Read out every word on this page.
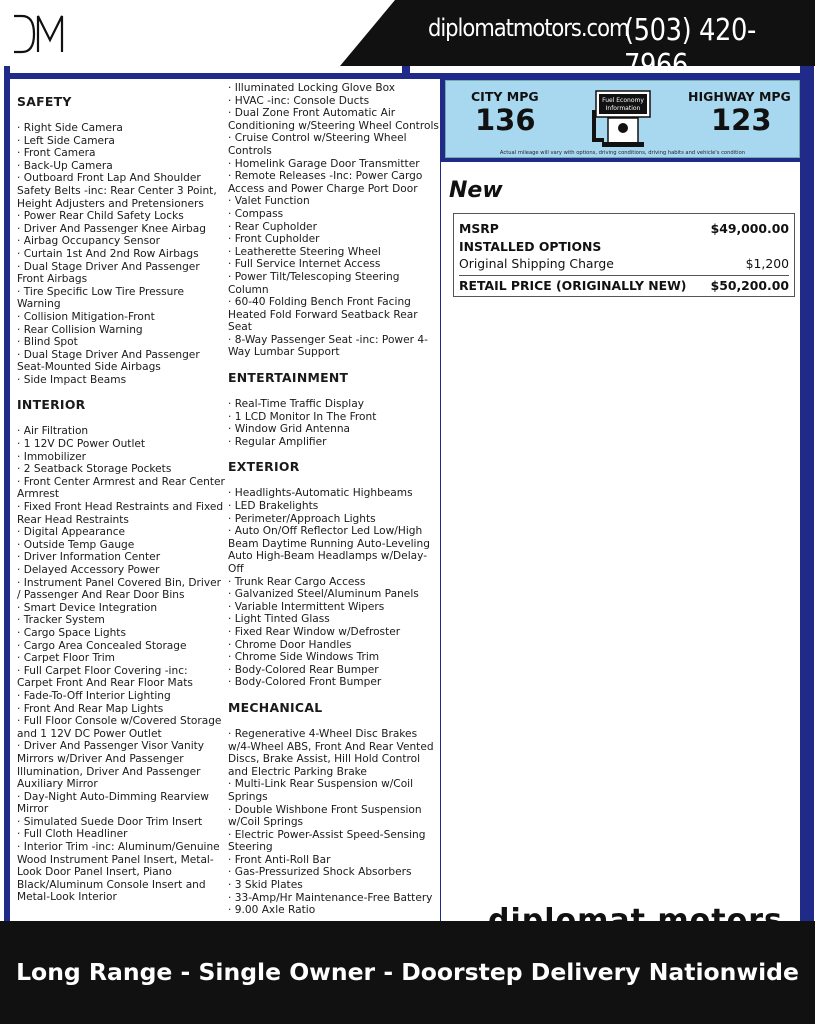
diplomatmotors.com
(503) 420-
SAFETY
· Right Side Camera
· Left Side Camera
· Front Camera
· Back-Up Camera
· Outboard Front Lap And Shoulder Safety Belts -inc: Rear Center 3 Point, Height Adjusters and Pretensioners
· Power Rear Child Safety Locks
· Driver And Passenger Knee Airbag
· Airbag Occupancy Sensor
· Curtain 1st And 2nd Row Airbags
· Dual Stage Driver And Passenger Front Airbags
· Tire Specific Low Tire Pressure Warning
· Collision Mitigation-Front
· Rear Collision Warning
· Blind Spot
· Dual Stage Driver And Passenger Seat-Mounted Side Airbags
· Side Impact Beams
INTERIOR
· Air Filtration
· 1 12V DC Power Outlet
· Immobilizer
· 2 Seatback Storage Pockets
· Front Center Armrest and Rear Center Armrest
· Fixed Front Head Restraints and Fixed Rear Head Restraints
· Digital Appearance
· Outside Temp Gauge
· Driver Information Center
· Delayed Accessory Power
· Instrument Panel Covered Bin, Driver / Passenger And Rear Door Bins
· Smart Device Integration
· Tracker System
· Cargo Space Lights
· Cargo Area Concealed Storage
· Carpet Floor Trim
· Full Carpet Floor Covering -inc: Carpet Front And Rear Floor Mats
· Fade-To-Off Interior Lighting
· Front And Rear Map Lights
· Full Floor Console w/Covered Storage and 1 12V DC Power Outlet
· Driver And Passenger Visor Vanity Mirrors w/Driver And Passenger Illumination, Driver And Passenger Auxiliary Mirror
· Day-Night Auto-Dimming Rearview Mirror
· Simulated Suede Door Trim Insert
· Full Cloth Headliner
· Interior Trim -inc: Aluminum/Genuine Wood Instrument Panel Insert, Metal-Look Door Panel Insert, Piano Black/Aluminum Console Insert and Metal-Look Interior
· Illuminated Locking Glove Box
· HVAC -inc: Console Ducts
· Dual Zone Front Automatic Air Conditioning w/Steering Wheel Controls
· Cruise Control w/Steering Wheel Controls
· Homelink Garage Door Transmitter
· Remote Releases -Inc: Power Cargo Access and Power Charge Port Door
· Valet Function
· Compass
· Rear Cupholder
· Front Cupholder
· Leatherette Steering Wheel
· Full Service Internet Access
· Power Tilt/Telescoping Steering Column
· 60-40 Folding Bench Front Facing Heated Fold Forward Seatback Rear Seat
· 8-Way Passenger Seat -inc: Power 4-Way Lumbar Support
ENTERTAINMENT
· Real-Time Traffic Display
· 1 LCD Monitor In The Front
· Window Grid Antenna
· Regular Amplifier
EXTERIOR
· Headlights-Automatic Highbeams
· LED Brakelights
· Perimeter/Approach Lights
· Auto On/Off Reflector Led Low/High Beam Daytime Running Auto-Leveling Auto High-Beam Headlamps w/Delay-Off
· Trunk Rear Cargo Access
· Galvanized Steel/Aluminum Panels
· Variable Intermittent Wipers
· Light Tinted Glass
· Fixed Rear Window w/Defroster
· Chrome Door Handles
· Chrome Side Windows Trim
· Body-Colored Rear Bumper
· Body-Colored Front Bumper
MECHANICAL
· Regenerative 4-Wheel Disc Brakes w/4-Wheel ABS, Front And Rear Vented Discs, Brake Assist, Hill Hold Control and Electric Parking Brake
· Multi-Link Rear Suspension w/Coil Springs
· Double Wishbone Front Suspension w/Coil Springs
· Electric Power-Assist Speed-Sensing Steering
· Front Anti-Roll Bar
· Gas-Pressurized Shock Absorbers
· 3 Skid Plates
· 33-Amp/Hr Maintenance-Free Battery
· 9.00 Axle Ratio
CITY MPG
136
Fuel Economy
Information
HIGHWAY MPG
123
Actual mileage will vary with options, driving conditions, driving habits and vehicle's condition
New
MSRP	$49,000.00
INSTALLED OPTIONS
Original Shipping Charge	$1,200
RETAIL PRICE (ORIGINALLY NEW) $50,200.00
Long Range - Single Owner - Doorstep Delivery Nationwide
